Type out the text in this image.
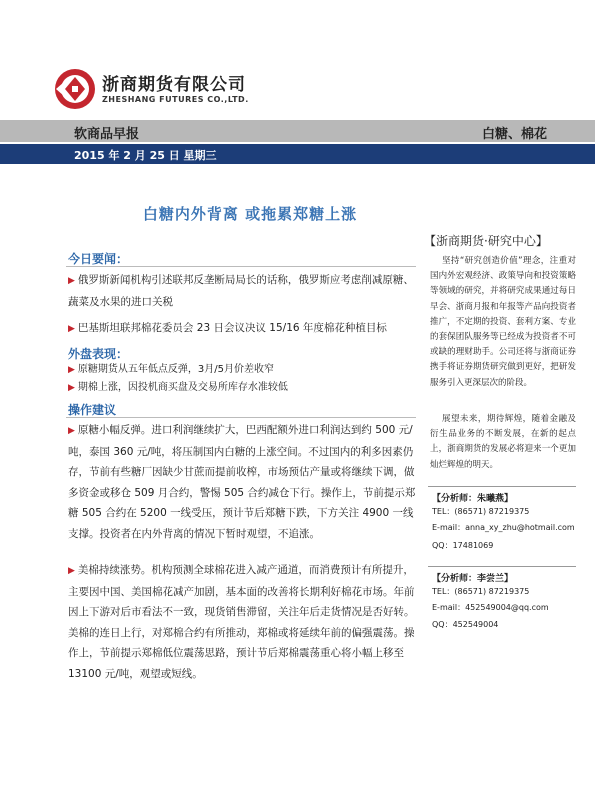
浙商期货有限公司
ZHESHANG FUTURES CO.,LTD.
软商品早报	白糖、棉花
2015 年 2 月 25 日 星期三
白糖内外背离 或拖累郑糖上涨
今日要闻：
▶ 俄罗斯新闻机构引述联邦反垄断局局长的话称，俄罗斯应考虑削减原糖、蔬菜及水果的进口关税
▶ 巴基斯坦联邦棉花委员会 23 日会议决议 15/16 年度棉花种植目标
外盘表现：
▶ 原糖期货从五年低点反弹，3月/5月价差收窄
▶ 期棉上涨，因投机商买盘及交易所库存水准较低
操作建议
▶ 原糖小幅反弹。进口利润继续扩大，巴西配额外进口利润达到约 500 元/吨，泰国 360 元/吨，将压制国内白糖的上涨空间。不过国内的利多因素仍存，节前有些糖厂因缺少甘蔗而提前收榨，市场预估产量或将继续下调，做多资金或移仓 509 月合约，警惕 505 合约减仓下行。操作上，节前提示郑糖 505 合约在 5200 一线受压，预计节后郑糖下跌，下方关注 4900 一线支撑。投资者在内外背离的情况下暂时观望，不追涨。
▶ 美棉持续涨势。机构预测全球棉花进入减产通道，而消费预计有所提升，主要因中国、美国棉花减产加剧，基本面的改善将长期利好棉花市场。年前因上下游对后市看法不一致，现货销售滞留，关注年后走货情况是否好转。美棉的连日上行，对郑棉合约有所推动，郑棉或将延续年前的偏强震荡。操作上，节前提示郑棉低位震荡思路，预计节后郑棉震荡重心将小幅上移至 13100 元/吨，观望或短线。
【浙商期货·研究中心】
坚持“研究创造价值”理念，注重对国内外宏观经济、政策导向和投资策略等领域的研究，并将研究成果通过每日早会、浙商月报和年报等产品向投资者推广，不定期的投资、套利方案、专业的套保团队服务等已经成为投资者不可或缺的理财助手。公司还将与浙商证券携手将证券期货研究做到更好，把研发服务引入更深层次的阶段。
展望未来，期待辉煌，随着金融及衍生品业务的不断发展，在新的起点上，浙商期货的发展必将迎来一个更加灿烂辉煌的明天。
【分析师：朱曦燕】
TEL：(86571) 87219375
E-mail：anna_xy_zhu@hotmail.com
QQ：17481069
【分析师：李尝兰】
TEL：(86571) 87219375
E-mail：452549004@qq.com
QQ：452549004
